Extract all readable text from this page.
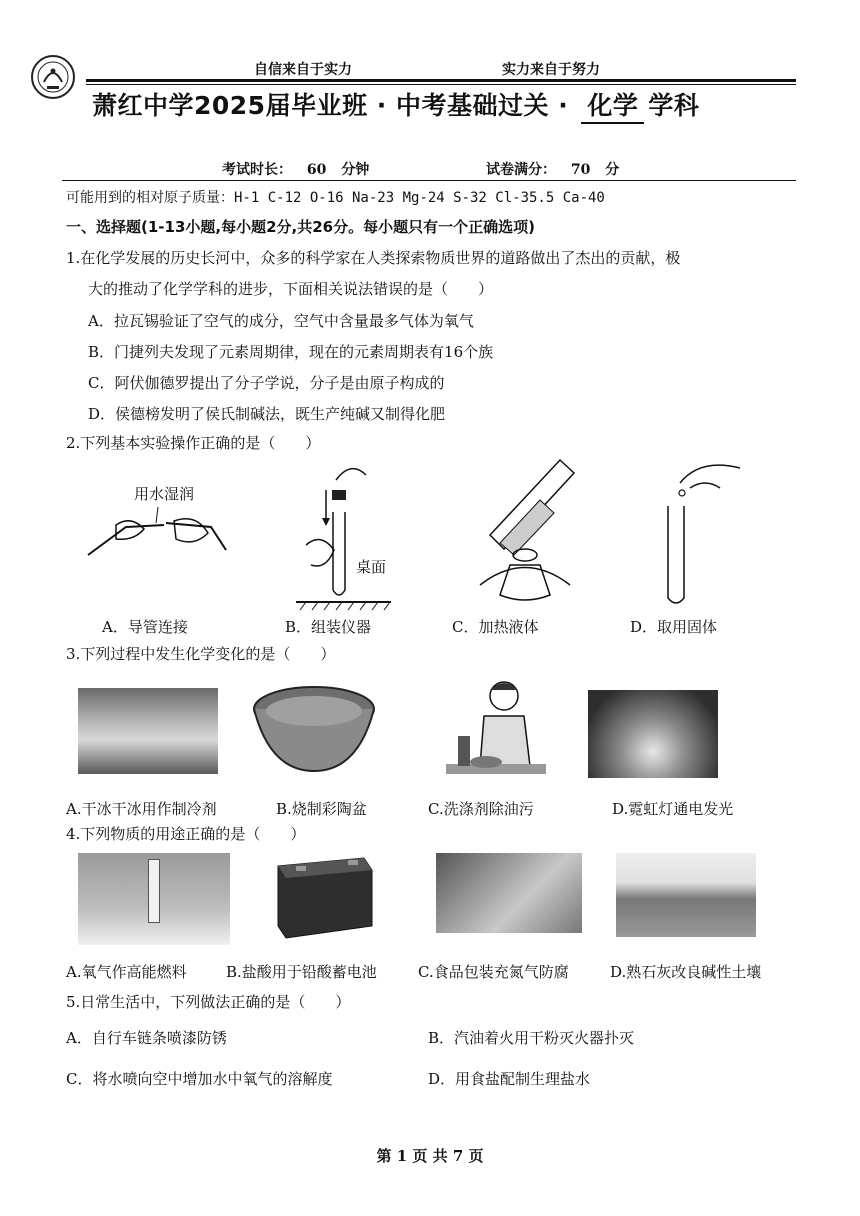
自信来自于实力	实力来自于努力
萧红中学2025届毕业班 · 中考基础过关 · 化学 学科
考试时长： 60 分钟	试卷满分： 70 分
可能用到的相对原子质量：H-1 C-12 O-16 Na-23 Mg-24 S-32 Cl-35.5 Ca-40
一、选择题(1-13小题,每小题2分,共26分。每小题只有一个正确选项)
1.在化学发展的历史长河中，众多的科学家在人类探索物质世界的道路做出了杰出的贡献，极
大的推动了化学学科的进步，下面相关说法错误的是（　　）
A．拉瓦锡验证了空气的成分，空气中含量最多气体为氧气
B．门捷列夫发现了元素周期律，现在的元素周期表有16个族
C．阿伏伽德罗提出了分子学说，分子是由原子构成的
D．侯德榜发明了侯氏制碱法，既生产纯碱又制得化肥
2.下列基本实验操作正确的是（　　）
用水湿润
桌面
A．导管连接	B．组装仪器	C．加热液体	D．取用固体
3.下列过程中发生化学变化的是（　　）
A.干冰干冰用作制冷剂	B.烧制彩陶盆	C.洗涤剂除油污	D.霓虹灯通电发光
4.下列物质的用途正确的是（　　）
A.氧气作高能燃料	B.盐酸用于铅酸蓄电池	C.食品包装充氮气防腐	D.熟石灰改良碱性土壤
5.日常生活中，下列做法正确的是（　　）
A．自行车链条喷漆防锈	B．汽油着火用干粉灭火器扑灭
C．将水喷向空中增加水中氧气的溶解度	D．用食盐配制生理盐水
第 1 页 共 7 页
